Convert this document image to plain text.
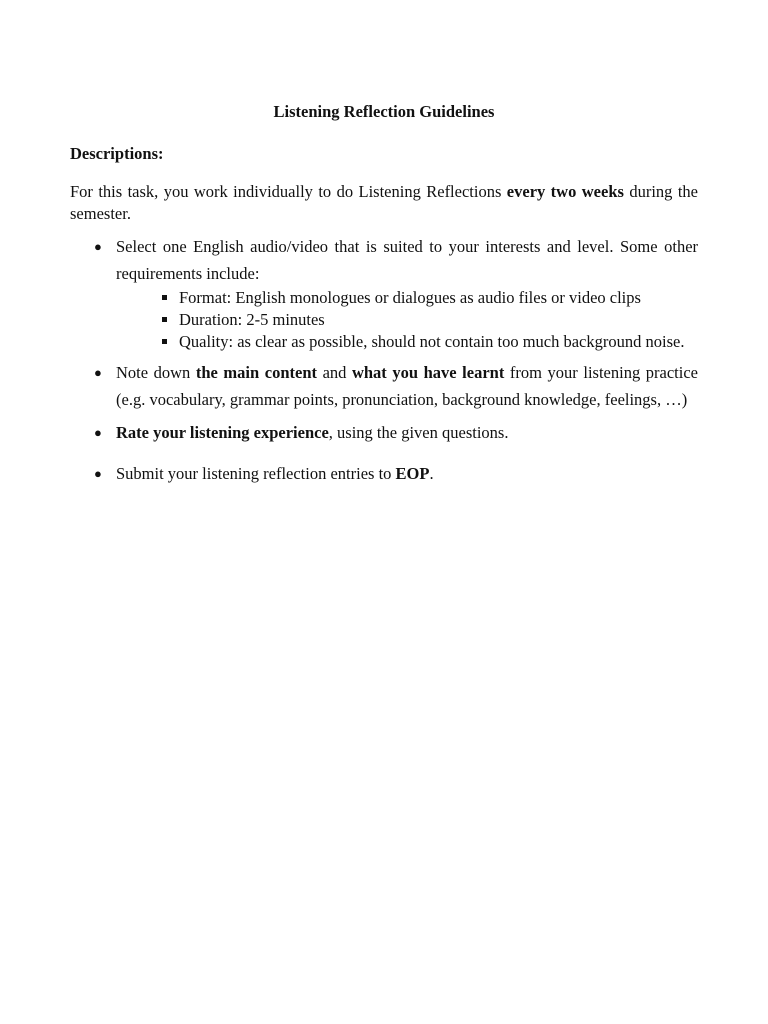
Listening Reflection Guidelines
Descriptions:

For this task, you work individually to do Listening Reflections every two weeks during the semester.

● Select one English audio/video that is suited to your interests and level. Some other requirements include:
Format: English monologues or dialogues as audio files or video clips
Duration: 2-5 minutes
Quality: as clear as possible, should not contain too much background noise.
● Note down the main content and what you have learnt from your listening practice (e.g. vocabulary, grammar points, pronunciation, background knowledge, feelings, …)
● Rate your listening experience, using the given questions.
● Submit your listening reflection entries to EOP.
